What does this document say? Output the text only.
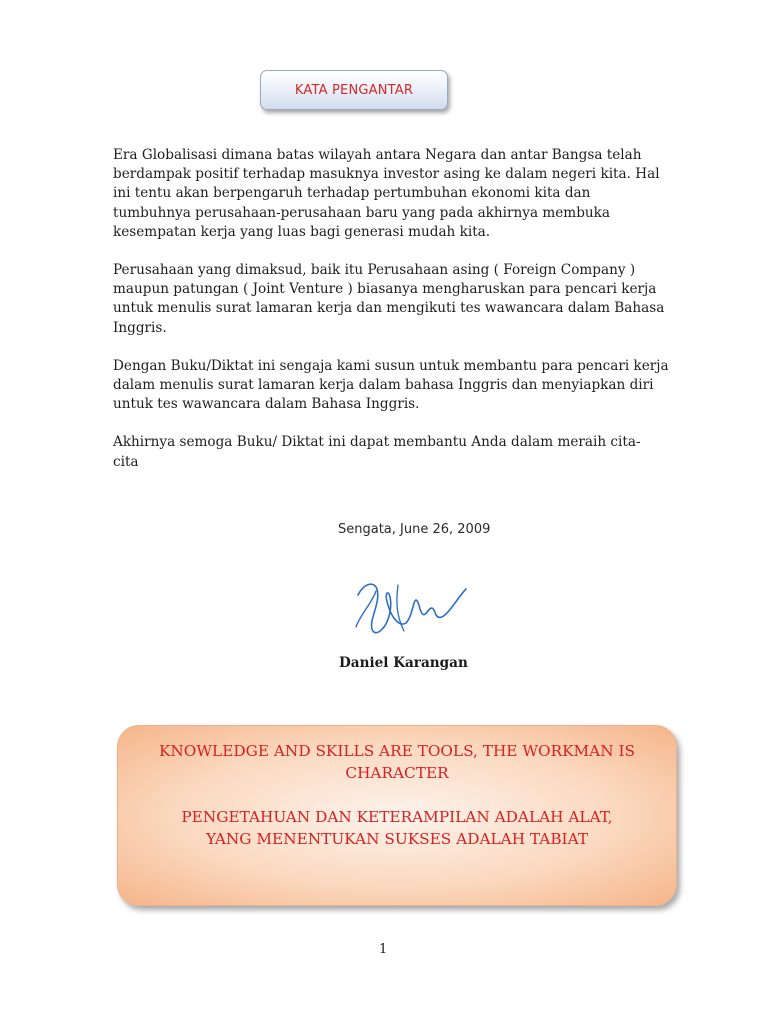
KATA PENGANTAR

Era Globalisasi dimana batas wilayah antara Negara dan antar Bangsa telah
berdampak positif terhadap masuknya investor asing ke dalam negeri kita. Hal
ini tentu akan berpengaruh terhadap pertumbuhan ekonomi kita dan
tumbuhnya perusahaan-perusahaan baru yang pada akhirnya membuka
kesempatan kerja yang luas bagi generasi mudah kita.

Perusahaan yang dimaksud, baik itu Perusahaan asing ( Foreign Company )
maupun patungan ( Joint Venture ) biasanya mengharuskan para pencari kerja
untuk menulis surat lamaran kerja dan mengikuti tes wawancara dalam Bahasa
Inggris.

Dengan Buku/Diktat ini sengaja kami susun untuk membantu para pencari kerja
dalam menulis surat lamaran kerja dalam bahasa Inggris dan menyiapkan diri
untuk tes wawancara dalam Bahasa Inggris.

Akhirnya semoga Buku/ Diktat ini dapat membantu Anda dalam meraih cita-
cita

Sengata, June 26, 2009
Daniel Karangan
KNOWLEDGE AND SKILLS ARE TOOLS, THE WORKMAN IS
CHARACTER
PENGETAHUAN DAN KETERAMPILAN ADALAH ALAT,
YANG MENENTUKAN SUKSES ADALAH TABIAT
1
